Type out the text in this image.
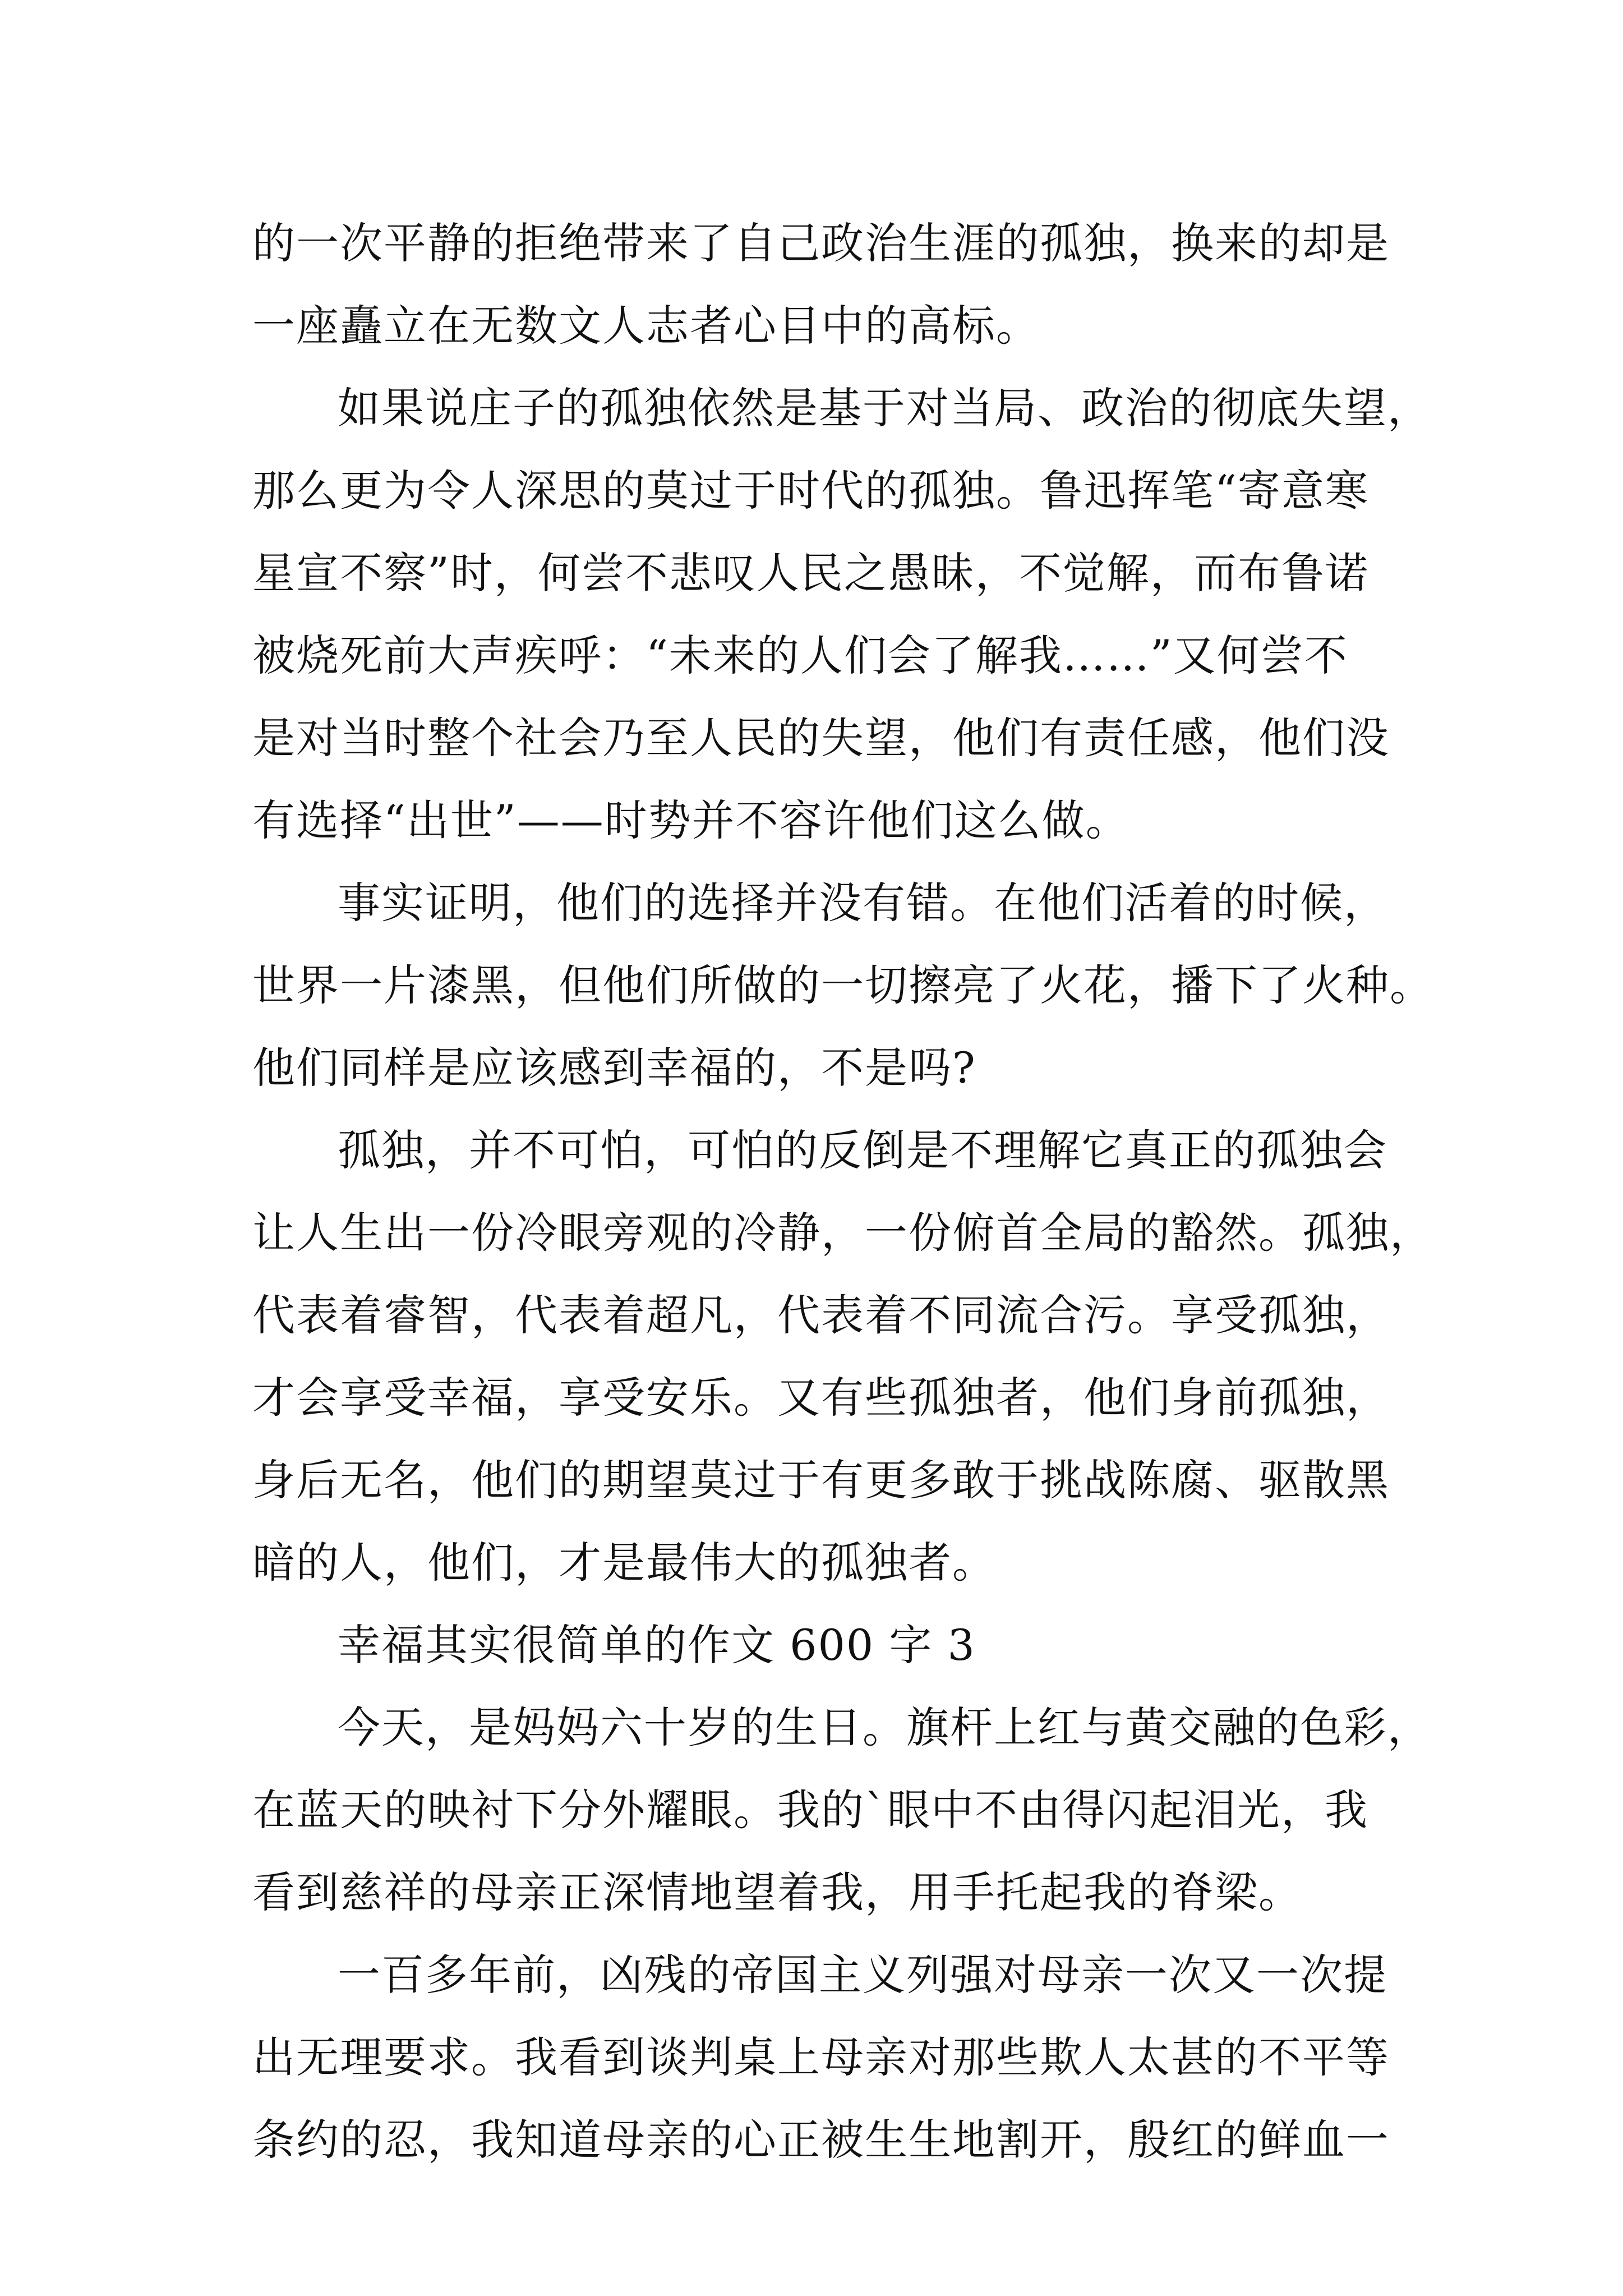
的一次平静的拒绝带来了自己政治生涯的孤独，换来的却是
一座矗立在无数文人志者心目中的高标。
如果说庄子的孤独依然是基于对当局、政治的彻底失望，
那么更为令人深思的莫过于时代的孤独。鲁迅挥笔“寄意寒
星宣不察”时，何尝不悲叹人民之愚昧，不觉解，而布鲁诺
被烧死前大声疾呼：“未来的人们会了解我……”又何尝不
是对当时整个社会乃至人民的失望，他们有责任感，他们没
有选择“出世”——时势并不容许他们这么做。
事实证明，他们的选择并没有错。在他们活着的时候，
世界一片漆黑，但他们所做的一切擦亮了火花，播下了火种。
他们同样是应该感到幸福的，不是吗?
孤独，并不可怕，可怕的反倒是不理解它真正的孤独会
让人生出一份冷眼旁观的冷静，一份俯首全局的豁然。孤独，
代表着睿智，代表着超凡，代表着不同流合污。享受孤独，
才会享受幸福，享受安乐。又有些孤独者，他们身前孤独，
身后无名，他们的期望莫过于有更多敢于挑战陈腐、驱散黑
暗的人，他们，才是最伟大的孤独者。
幸福其实很简单的作文 600 字 3
今天，是妈妈六十岁的生日。旗杆上红与黄交融的色彩，
在蓝天的映衬下分外耀眼。我的`眼中不由得闪起泪光，我
看到慈祥的母亲正深情地望着我，用手托起我的脊梁。
一百多年前，凶残的帝国主义列强对母亲一次又一次提
出无理要求。我看到谈判桌上母亲对那些欺人太甚的不平等
条约的忍，我知道母亲的心正被生生地割开，殷红的鲜血一
